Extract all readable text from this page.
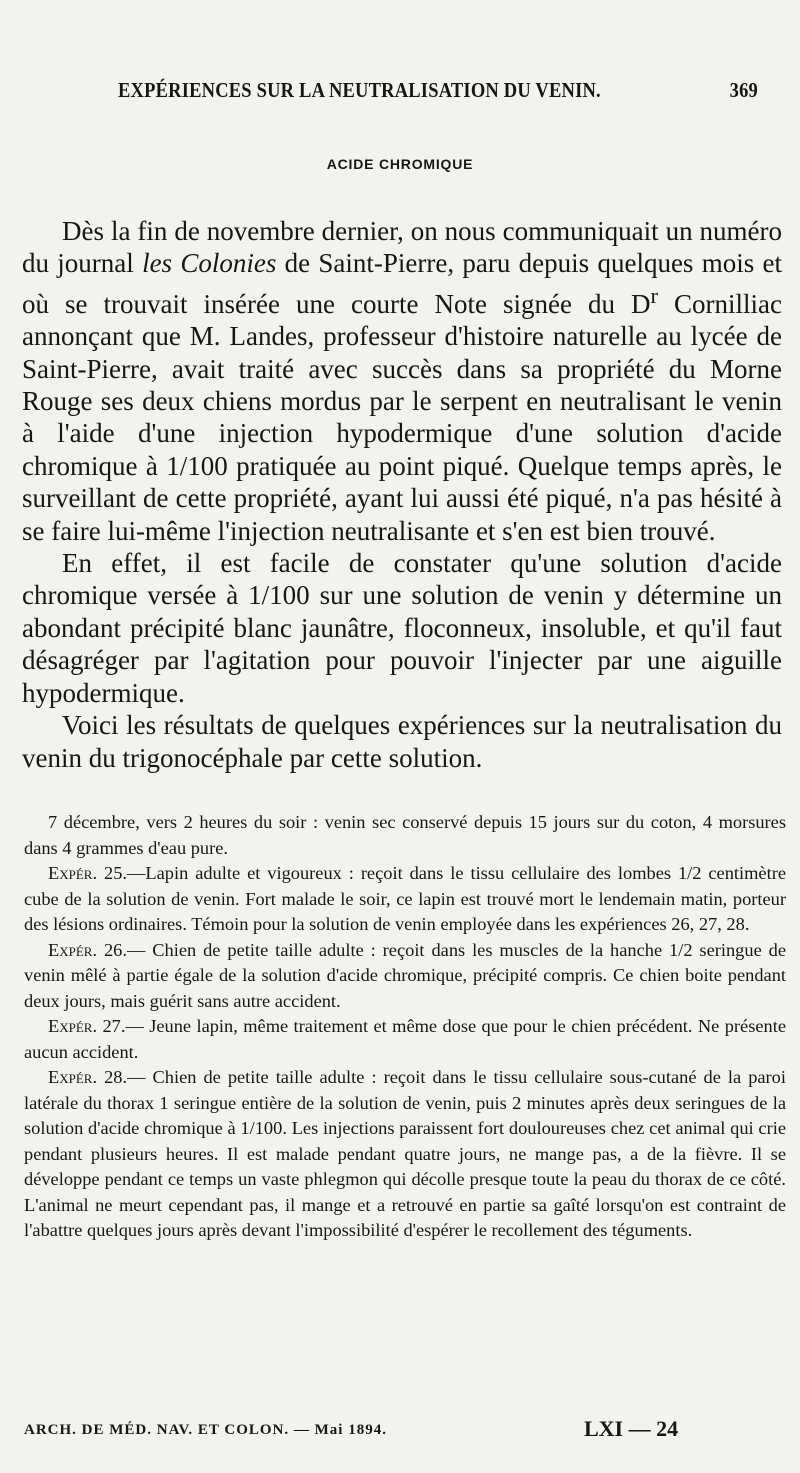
EXPÉRIENCES SUR LA NEUTRALISATION DU VENIN.	369
ACIDE CHROMIQUE

Dès la fin de novembre dernier, on nous communiquait un numéro du journal les Colonies de Saint-Pierre, paru depuis quelques mois et où se trouvait insérée une courte Note signée du $D^r$ Cornilliac annonçant que M. Landes, professeur d'histoire naturelle au lycée de Saint-Pierre, avait traité avec succès dans sa propriété du Morne Rouge ses deux chiens mordus par le serpent en neutralisant le venin à l'aide d'une injection hypodermique d'une solution d'acide chromique à 1/100 pratiquée au point piqué. Quelque temps après, le surveillant de cette propriété, ayant lui aussi été piqué, n'a pas hésité à se faire lui-même l'injection neutralisante et s'en est bien trouvé.

En effet, il est facile de constater qu'une solution d'acide chromique versée à 1/100 sur une solution de venin y détermine un abondant précipité blanc jaunâtre, floconneux, insoluble, et qu'il faut désagréger par l'agitation pour pouvoir l'injecter par une aiguille hypodermique.

Voici les résultats de quelques expériences sur la neutralisation du venin du trigonocéphale par cette solution.

7 décembre, vers 2 heures du soir : venin sec conservé depuis 15 jours sur du coton, 4 morsures dans 4 grammes d'eau pure.

Expér. 25.—Lapin adulte et vigoureux : reçoit dans le tissu cellulaire des lombes 1/2 centimètre cube de la solution de venin. Fort malade le soir, ce lapin est trouvé mort le lendemain matin, porteur des lésions ordinaires. Témoin pour la solution de venin employée dans les expériences 26, 27, 28.

Expér. 26.— Chien de petite taille adulte : reçoit dans les muscles de la hanche 1/2 seringue de venin mêlé à partie égale de la solution d'acide chromique, précipité compris. Ce chien boite pendant deux jours, mais guérit sans autre accident.

Expér. 27.— Jeune lapin, même traitement et même dose que pour le chien précédent. Ne présente aucun accident.

Expér. 28.— Chien de petite taille adulte : reçoit dans le tissu cellulaire sous-cutané de la paroi latérale du thorax 1 seringue entière de la solution de venin, puis 2 minutes après deux seringues de la solution d'acide chromique à 1/100. Les injections paraissent fort douloureuses chez cet animal qui crie pendant plusieurs heures. Il est malade pendant quatre jours, ne mange pas, a de la fièvre. Il se développe pendant ce temps un vaste phlegmon qui décolle presque toute la peau du thorax de ce côté. L'animal ne meurt cependant pas, il mange et a retrouvé en partie sa gaîté lorsqu'on est contraint de l'abattre quelques jours après devant l'impossibilité d'espérer le recollement des téguments.

ARCH. DE MÉD. NAV. ET COLON. — Mai 1894.	LXI — 24
